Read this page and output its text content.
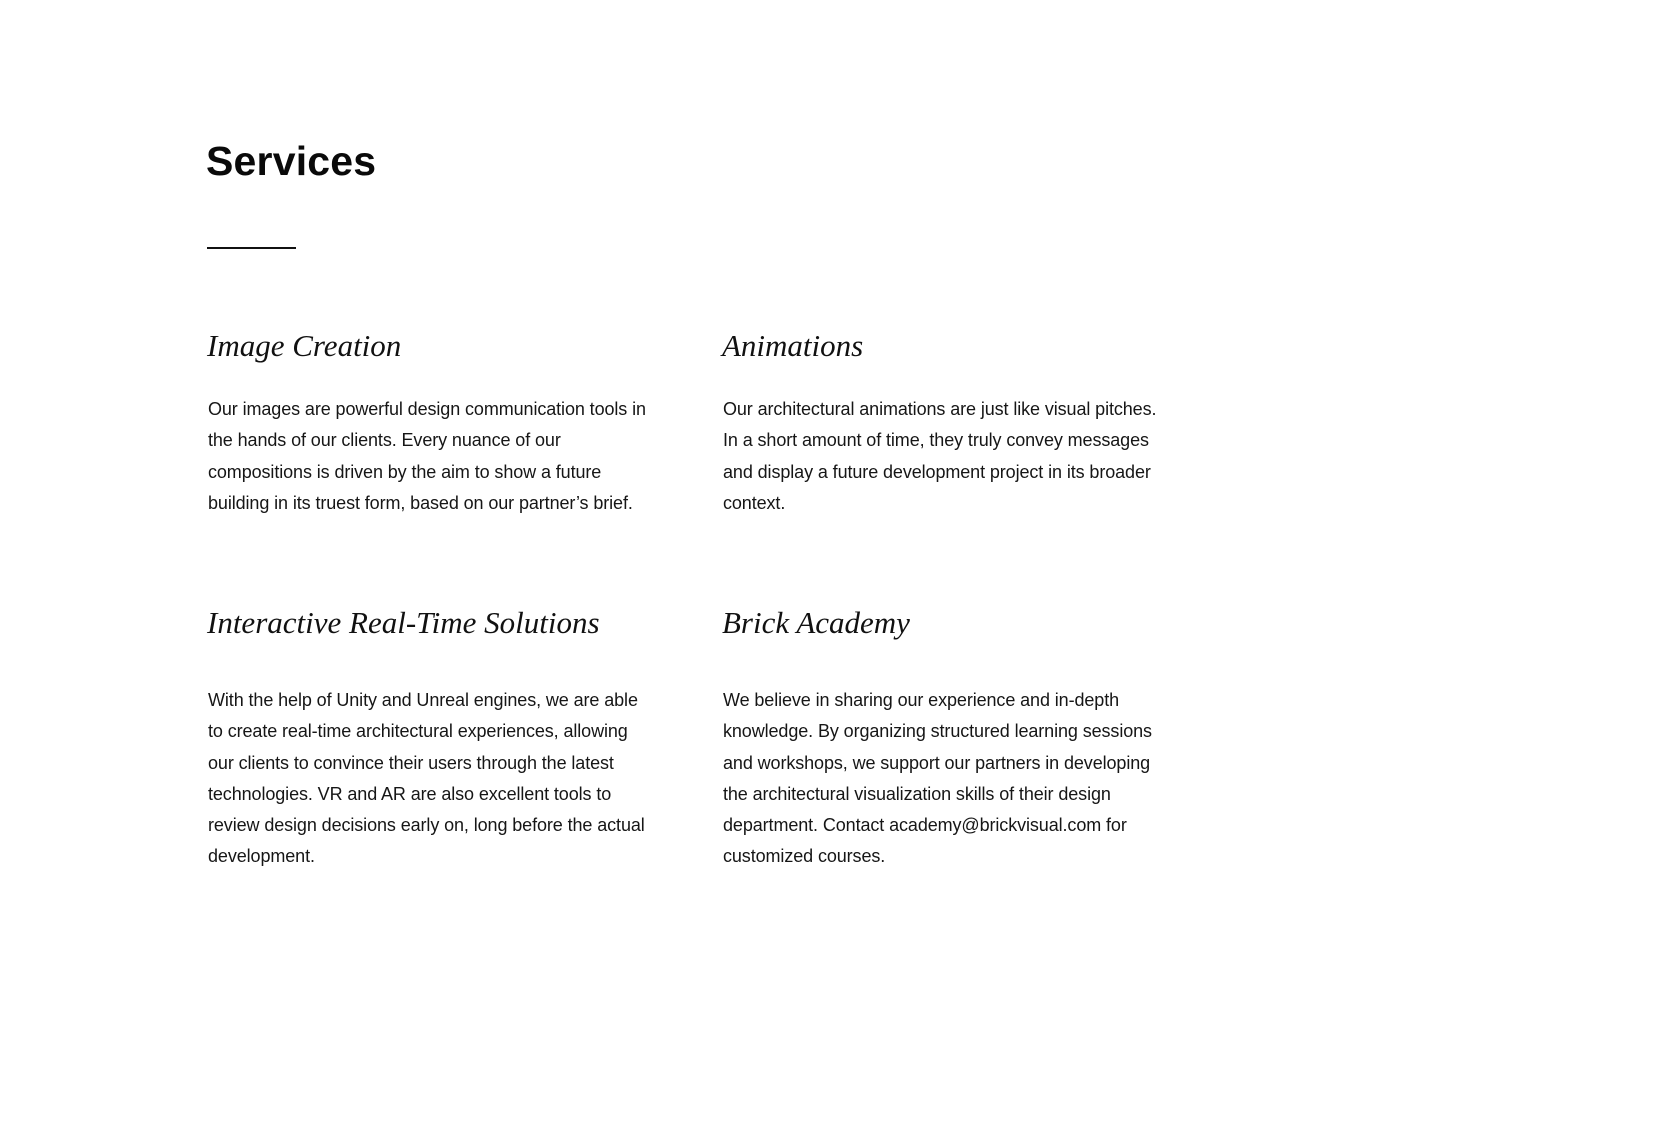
Services
Image Creation

Our images are powerful design communication tools in the hands of our clients. Every nuance of our compositions is driven by the aim to show a future building in its truest form, based on our partner’s brief.

Animations

Our architectural animations are just like visual pitches. In a short amount of time, they truly convey messages and display a future development project in its broader context.

Interactive Real-Time Solutions

With the help of Unity and Unreal engines, we are able to create real-time architectural experiences, allowing our clients to convince their users through the latest technologies. VR and AR are also excellent tools to review design decisions early on, long before the actual development.

Brick Academy

We believe in sharing our experience and in-depth knowledge. By organizing structured learning sessions and workshops, we support our partners in developing the architectural visualization skills of their design department. Contact academy@brickvisual.com for customized courses.
